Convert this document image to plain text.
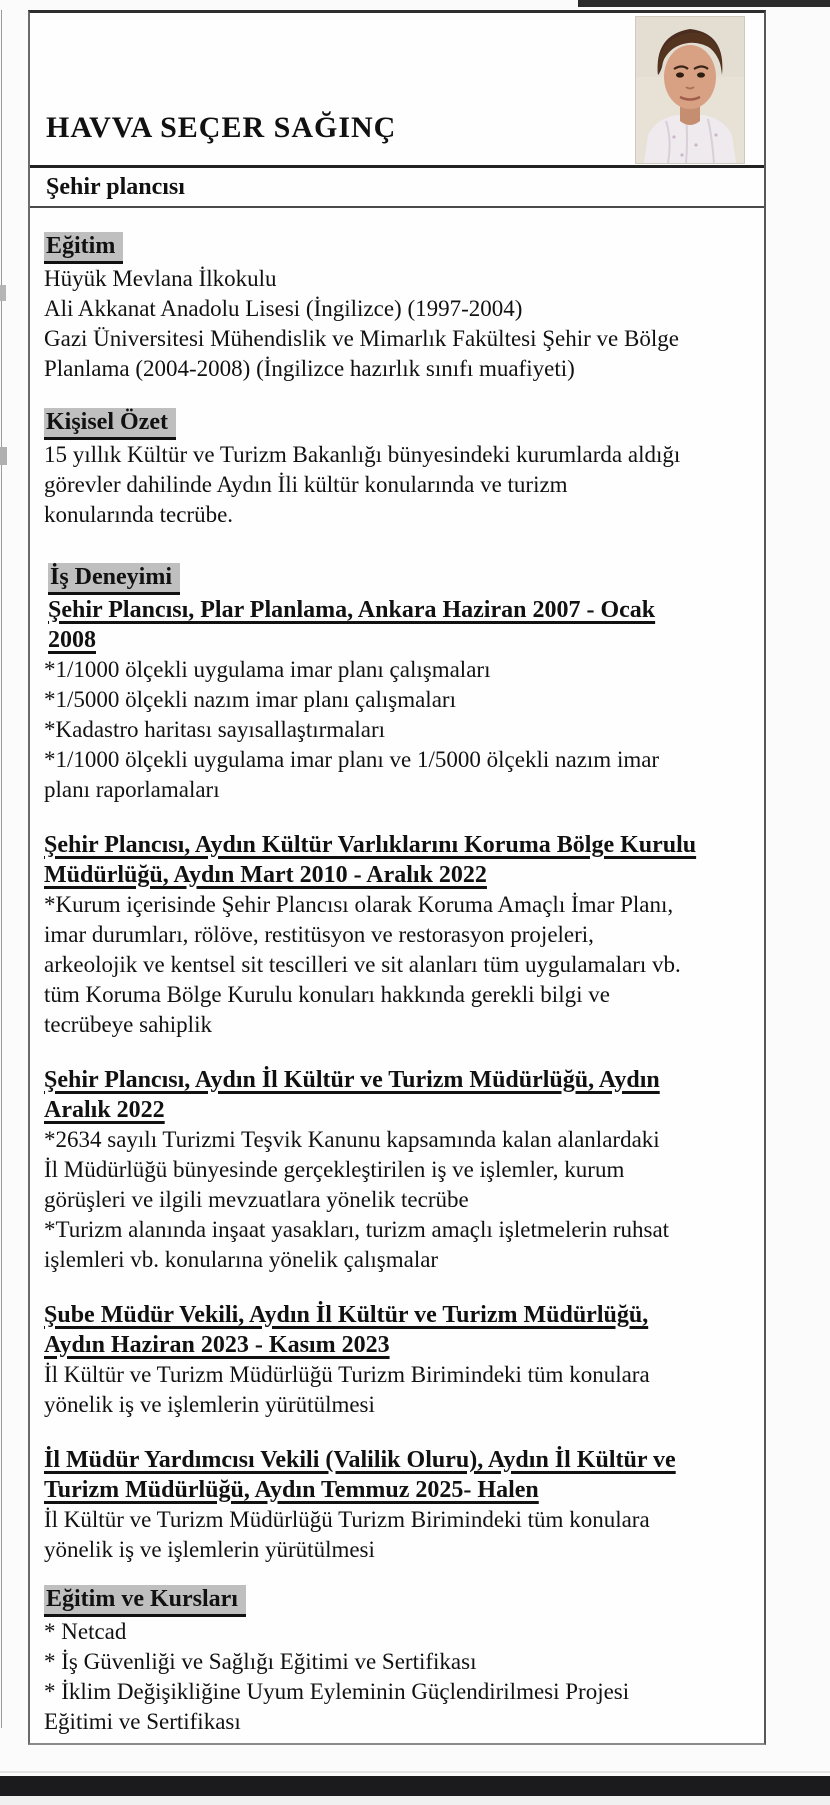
HAVVA SEÇER SAĞINÇ
Şehir plancısı
Eğitim
Hüyük Mevlana İlkokulu
Ali Akkanat Anadolu Lisesi (İngilizce) (1997-2004)
Gazi Üniversitesi Mühendislik ve Mimarlık Fakültesi Şehir ve Bölge
Planlama (2004-2008) (İngilizce hazırlık sınıfı muafiyeti)
Kişisel Özet
15 yıllık Kültür ve Turizm Bakanlığı bünyesindeki kurumlarda aldığı
görevler dahilinde Aydın İli kültür konularında ve turizm
konularında tecrübe.
İş Deneyimi
Şehir Plancısı, Plar Planlama, Ankara Haziran 2007 - Ocak
2008
*1/1000 ölçekli uygulama imar planı çalışmaları
*1/5000 ölçekli nazım imar planı çalışmaları
*Kadastro haritası sayısallaştırmaları
*1/1000 ölçekli uygulama imar planı ve 1/5000 ölçekli nazım imar
planı raporlamaları
Şehir Plancısı, Aydın Kültür Varlıklarını Koruma Bölge Kurulu
Müdürlüğü, Aydın Mart 2010 - Aralık 2022
*Kurum içerisinde Şehir Plancısı olarak Koruma Amaçlı İmar Planı,
imar durumları, rölöve, restitüsyon ve restorasyon projeleri,
arkeolojik ve kentsel sit tescilleri ve sit alanları tüm uygulamaları vb.
tüm Koruma Bölge Kurulu konuları hakkında gerekli bilgi ve
tecrübeye sahiplik
Şehir Plancısı, Aydın İl Kültür ve Turizm Müdürlüğü, Aydın
Aralık 2022
*2634 sayılı Turizmi Teşvik Kanunu kapsamında kalan alanlardaki
İl Müdürlüğü bünyesinde gerçekleştirilen iş ve işlemler, kurum
görüşleri ve ilgili mevzuatlara yönelik tecrübe
*Turizm alanında inşaat yasakları, turizm amaçlı işletmelerin ruhsat
işlemleri vb. konularına yönelik çalışmalar
Şube Müdür Vekili, Aydın İl Kültür ve Turizm Müdürlüğü,
Aydın Haziran 2023 - Kasım 2023
İl Kültür ve Turizm Müdürlüğü Turizm Birimindeki tüm konulara
yönelik iş ve işlemlerin yürütülmesi
İl Müdür Yardımcısı Vekili (Valilik Oluru), Aydın İl Kültür ve
Turizm Müdürlüğü, Aydın Temmuz 2025- Halen
İl Kültür ve Turizm Müdürlüğü Turizm Birimindeki tüm konulara
yönelik iş ve işlemlerin yürütülmesi
Eğitim ve Kursları
* Netcad
* İş Güvenliği ve Sağlığı Eğitimi ve Sertifikası
* İklim Değişikliğine Uyum Eyleminin Güçlendirilmesi Projesi
Eğitimi ve Sertifikası
